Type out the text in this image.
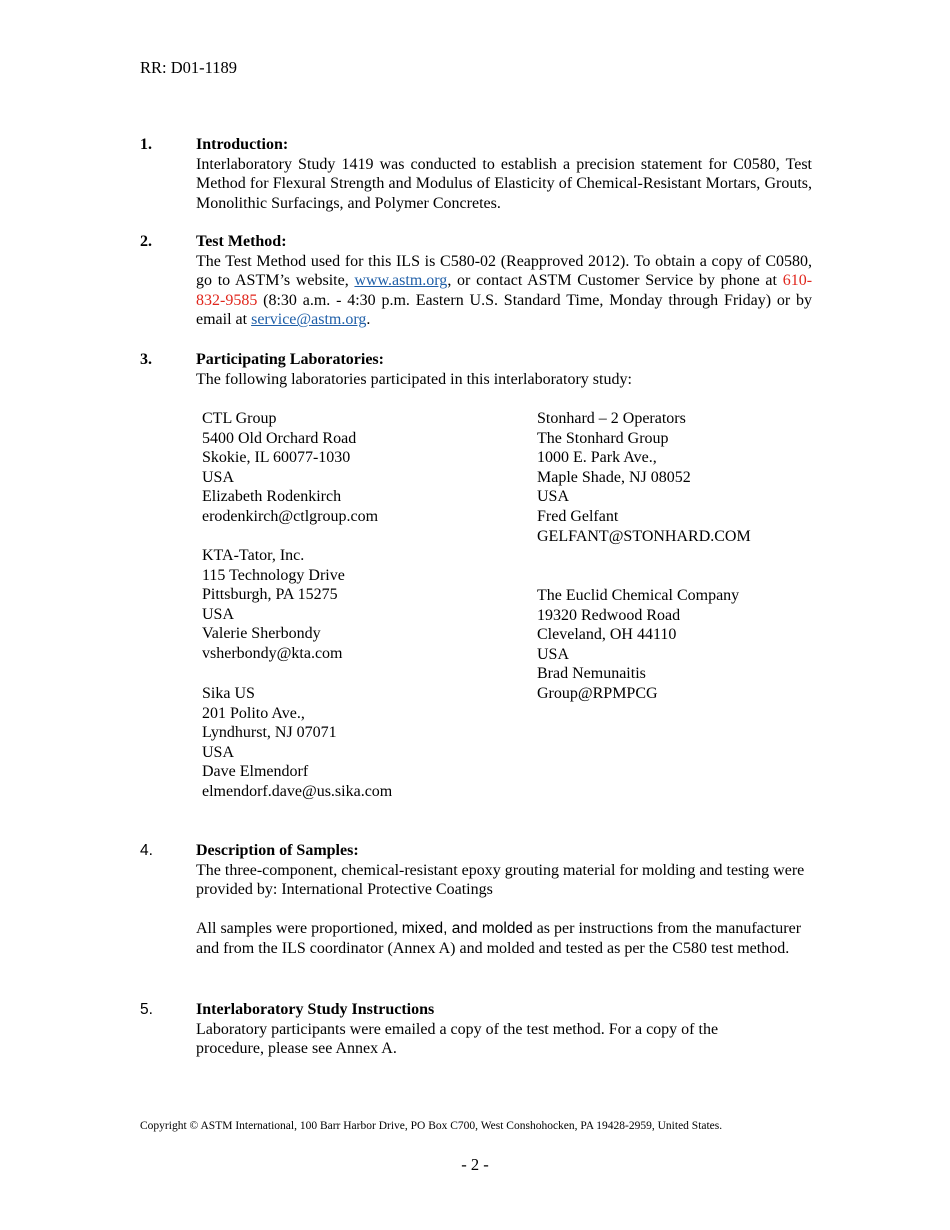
RR: D01-1189
1.	Introduction:
Interlaboratory Study 1419 was conducted to establish a precision statement for C0580, Test Method for Flexural Strength and Modulus of Elasticity of Chemical-Resistant Mortars, Grouts, Monolithic Surfacings, and Polymer Concretes.
2.	Test Method:
The Test Method used for this ILS is C580-02 (Reapproved 2012). To obtain a copy of C0580, go to ASTM’s website, www.astm.org, or contact ASTM Customer Service by phone at 610-832-9585 (8:30 a.m. - 4:30 p.m. Eastern U.S. Standard Time, Monday through Friday) or by email at service@astm.org.
3.	Participating Laboratories:
The following laboratories participated in this interlaboratory study:
CTL Group
5400 Old Orchard Road
Skokie, IL 60077-1030
USA
Elizabeth Rodenkirch
erodenkirch@ctlgroup.com
KTA-Tator, Inc.
115 Technology Drive
Pittsburgh, PA 15275
USA
Valerie Sherbondy
vsherbondy@kta.com
Sika US
201 Polito Ave.,
Lyndhurst, NJ 07071
USA
Dave Elmendorf
elmendorf.dave@us.sika.com
Stonhard – 2 Operators
The Stonhard Group
1000 E. Park Ave.,
Maple Shade, NJ 08052
USA
Fred Gelfant
GELFANT@STONHARD.COM
The Euclid Chemical Company
19320 Redwood Road
Cleveland, OH 44110
USA
Brad Nemunaitis
Group@RPMPCG
4.	Description of Samples:
The three-component, chemical-resistant epoxy grouting material for molding and testing were provided by: International Protective Coatings
All samples were proportioned, mixed, and molded as per instructions from the manufacturer and from the ILS coordinator (Annex A) and molded and tested as per the C580 test method.
5.	Interlaboratory Study Instructions
Laboratory participants were emailed a copy of the test method. For a copy of the procedure, please see Annex A.
Copyright © ASTM International, 100 Barr Harbor Drive, PO Box C700, West Conshohocken, PA 19428-2959, United States.
- 2 -
